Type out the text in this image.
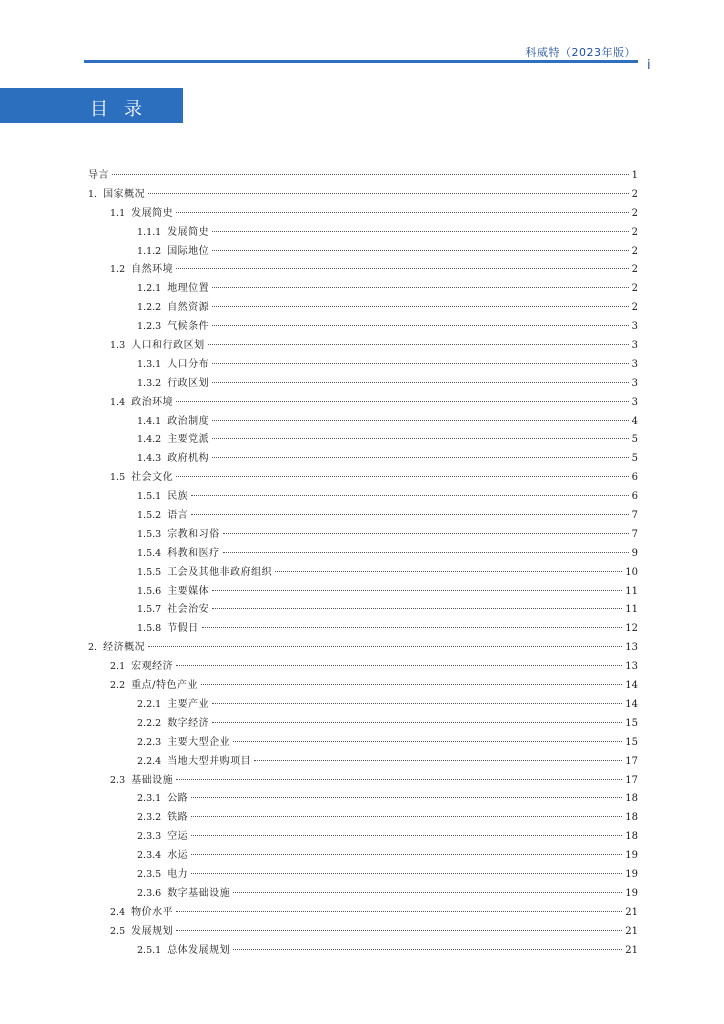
科威特（2023年版）
i
目录
导言	1
1. 国家概况	2
1.1 发展简史	2
1.1.1 发展简史	2
1.1.2 国际地位	2
1.2 自然环境	2
1.2.1 地理位置	2
1.2.2 自然资源	2
1.2.3 气候条件	3
1.3 人口和行政区划	3
1.3.1 人口分布	3
1.3.2 行政区划	3
1.4 政治环境	3
1.4.1 政治制度	4
1.4.2 主要党派	5
1.4.3 政府机构	5
1.5 社会文化	6
1.5.1 民族	6
1.5.2 语言	7
1.5.3 宗教和习俗	7
1.5.4 科教和医疗	9
1.5.5 工会及其他非政府组织	10
1.5.6 主要媒体	11
1.5.7 社会治安	11
1.5.8 节假日	12
2. 经济概况	13
2.1 宏观经济	13
2.2 重点/特色产业	14
2.2.1 主要产业	14
2.2.2 数字经济	15
2.2.3 主要大型企业	15
2.2.4 当地大型并购项目	17
2.3 基础设施	17
2.3.1 公路	18
2.3.2 铁路	18
2.3.3 空运	18
2.3.4 水运	19
2.3.5 电力	19
2.3.6 数字基础设施	19
2.4 物价水平	21
2.5 发展规划	21
2.5.1 总体发展规划	21
